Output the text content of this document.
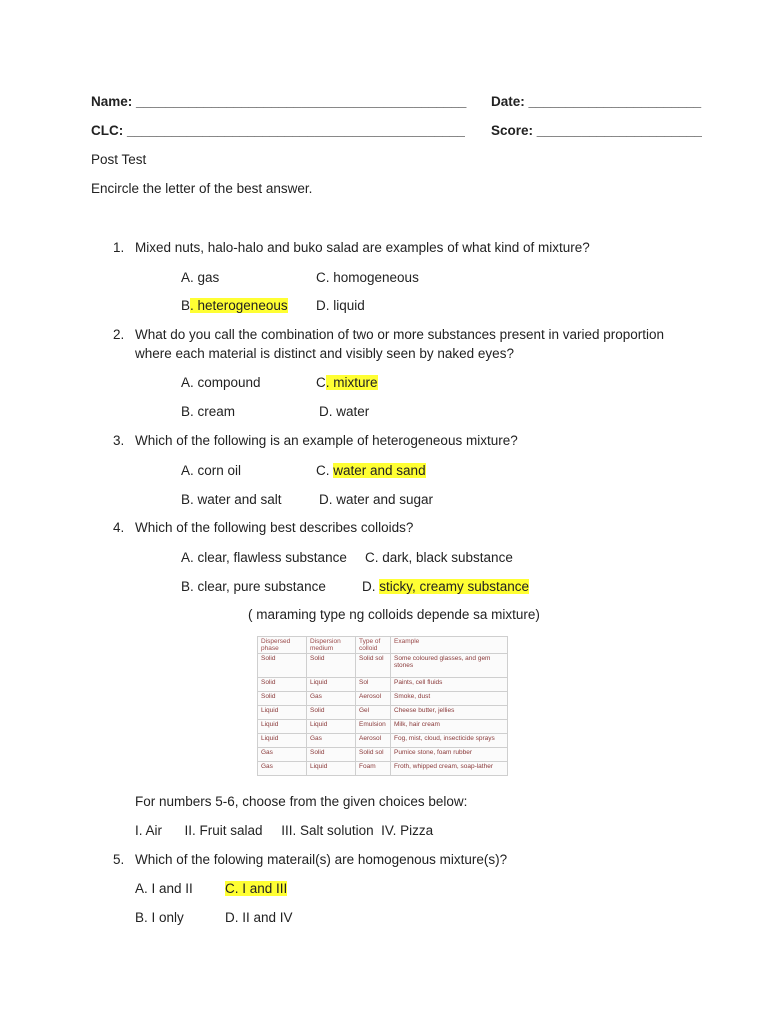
Name: ____________________________________________ Date: _______________________
CLC: _____________________________________________ Score: ______________________
Post Test
Encircle the letter of the best answer.
1. Mixed nuts, halo-halo and buko salad are examples of what kind of mixture?
A. gas	C. homogeneous
B. heterogeneous D. liquid
2. What do you call the combination of two or more substances present in varied proportion
where each material is distinct and visibly seen by naked eyes?
A. compound	C. mixture
B. cream	D. water
3. Which of the following is an example of heterogeneous mixture?
A. corn oil	C. water and sand
B. water and salt	D. water and sugar
4. Which of the following best describes colloids?
A. clear, flawless substance C. dark, black substance
B. clear, pure substance	D. sticky, creamy substance
( maraming type ng colloids depende sa mixture)
Dispersed phase	Dispersion medium	Type of colloid	Example
Solid	Solid	Solid sol	Some coloured glasses, and gem stones
Solid	Liquid	Sol	Paints, cell fluids
Solid	Gas	Aerosol	Smoke, dust
Liquid	Solid	Gel	Cheese butter, jellies
Liquid	Liquid	Emulsion	Milk, hair cream
Liquid	Gas	Aerosol	Fog, mist, cloud, insecticide sprays
Gas	Solid	Solid sol	Pumice stone, foam rubber
Gas	Liquid	Foam	Froth, whipped cream, soap-lather
For numbers 5-6, choose from the given choices below:
I. Air      II. Fruit salad     III. Salt solution  IV. Pizza
5. Which of the folowing materail(s) are homogenous mixture(s)?
A. I and II C. I and III
B. I only	D. II and IV
